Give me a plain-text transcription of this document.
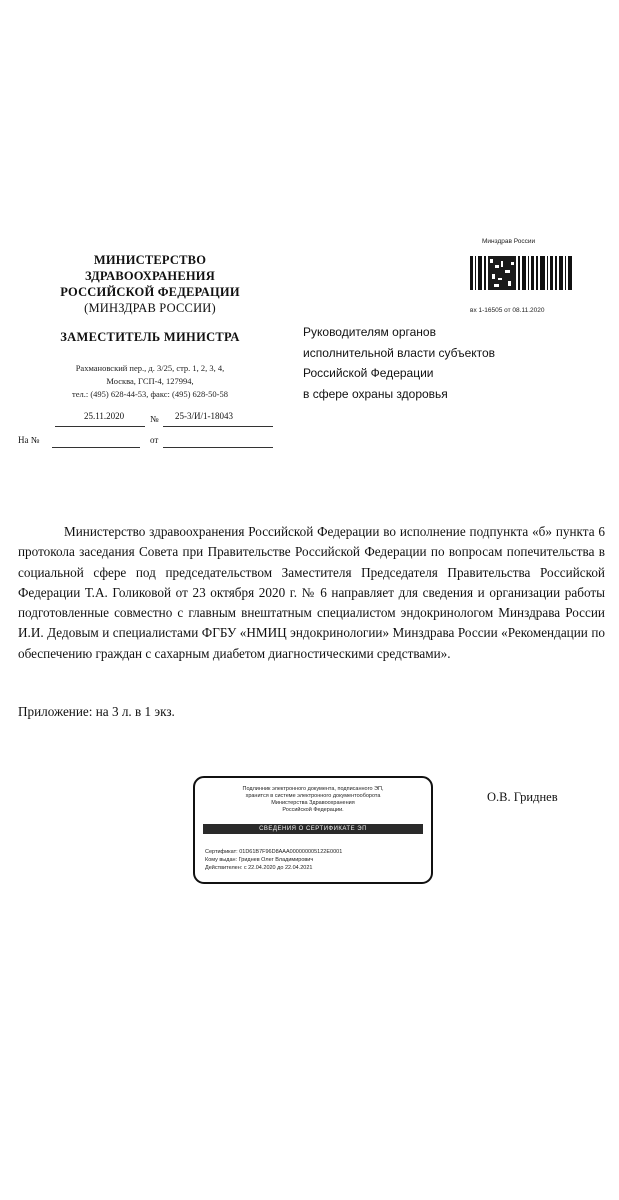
МИНИСТЕРСТВО
ЗДРАВООХРАНЕНИЯ
РОССИЙСКОЙ ФЕДЕРАЦИИ
(МИНЗДРАВ РОССИИ)
ЗАМЕСТИТЕЛЬ МИНИСТРА
Рахмановский пер., д. 3/25, стр. 1, 2, 3, 4,
Москва, ГСП-4, 127994,
тел.: (495) 628-44-53, факс: (495) 628-50-58
25.11.2020	№ 25-3/И/1-18043
На №	от
Минздрав России
вх 1-16505 от 08.11.2020
Руководителям органов
исполнительной власти субъектов
Российской Федерации
в сфере охраны здоровья
Министерство здравоохранения Российской Федерации во исполнение подпункта «б» пункта 6 протокола заседания Совета при Правительстве Российской Федерации по вопросам попечительства в социальной сфере под председательством Заместителя Председателя Правительства Российской Федерации Т.А. Голиковой от 23 октября 2020 г. № 6 направляет для сведения и организации работы подготовленные совместно с главным внештатным специалистом эндокринологом Минздрава России И.И. Дедовым и специалистами ФГБУ «НМИЦ эндокринологии» Минздрава России «Рекомендации по обеспечению граждан с сахарным диабетом диагностическими средствами».
Приложение: на 3 л. в 1 экз.
Подлинник электронного документа, подписанного ЭП,
хранится в системе электронного документооборота
Министерства Здравоохранения
Российской Федерации.
СВЕДЕНИЯ О СЕРТИФИКАТЕ ЭП
Сертификат: 01D61B7F96D8AAA000000005122E0001
Кому выдан: Гриднев Олег Владимирович
Действителен: с 22.04.2020 до 22.04.2021
О.В. Гриднев
